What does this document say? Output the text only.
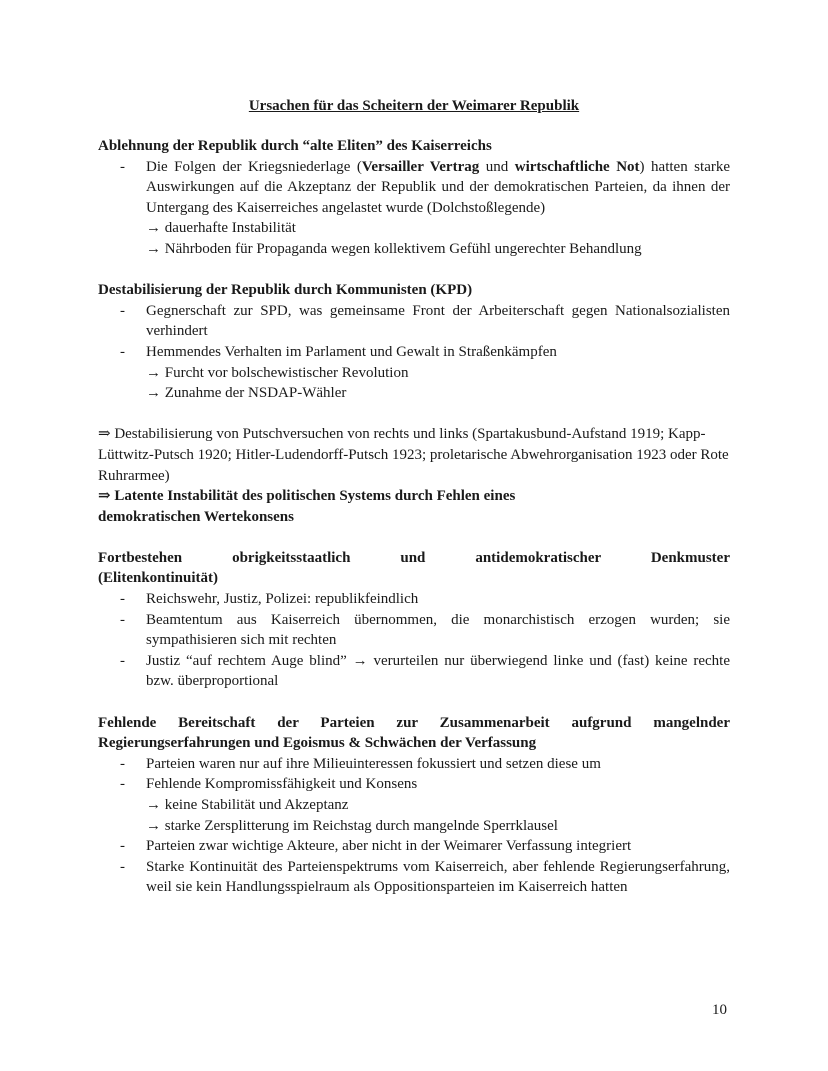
Ursachen für das Scheitern der Weimarer Republik
Ablehnung der Republik durch “alte Eliten” des Kaiserreichs
- Die Folgen der Kriegsniederlage (Versailler Vertrag und wirtschaftliche Not) hatten starke Auswirkungen auf die Akzeptanz der Republik und der demokratischen Parteien, da ihnen der Untergang des Kaiserreiches angelastet wurde (Dolchstoßlegende)
→ dauerhafte Instabilität
→ Nährboden für Propaganda wegen kollektivem Gefühl ungerechter Behandlung
Destabilisierung der Republik durch Kommunisten (KPD)
- Gegnerschaft zur SPD, was gemeinsame Front der Arbeiterschaft gegen Nationalsozialisten verhindert
- Hemmendes Verhalten im Parlament und Gewalt in Straßenkämpfen
→ Furcht vor bolschewistischer Revolution
→ Zunahme der NSDAP-Wähler
⇒ Destabilisierung von Putschversuchen von rechts und links (Spartakusbund-Aufstand 1919; Kapp-Lüttwitz-Putsch 1920; Hitler-Ludendorff-Putsch 1923; proletarische Abwehrorganisation 1923 oder Rote Ruhrarmee)
⇒ Latente Instabilität des politischen Systems durch Fehlen eines
demokratischen Wertekonsens
Fortbestehen obrigkeitsstaatlich und antidemokratischer Denkmuster
(Elitenkontinuität)
- Reichswehr, Justiz, Polizei: republikfeindlich
- Beamtentum aus Kaiserreich übernommen, die monarchistisch erzogen wurden; sie sympathisieren sich mit rechten
- Justiz “auf rechtem Auge blind” → verurteilen nur überwiegend linke und (fast) keine rechte bzw. überproportional
Fehlende Bereitschaft der Parteien zur Zusammenarbeit aufgrund mangelnder
Regierungserfahrungen und Egoismus & Schwächen der Verfassung
- Parteien waren nur auf ihre Milieuinteressen fokussiert und setzen diese um
- Fehlende Kompromissfähigkeit und Konsens
→ keine Stabilität und Akzeptanz
→ starke Zersplitterung im Reichstag durch mangelnde Sperrklausel
- Parteien zwar wichtige Akteure, aber nicht in der Weimarer Verfassung integriert
- Starke Kontinuität des Parteienspektrums vom Kaiserreich, aber fehlende Regierungserfahrung, weil sie kein Handlungsspielraum als Oppositionsparteien im Kaiserreich hatten
10
